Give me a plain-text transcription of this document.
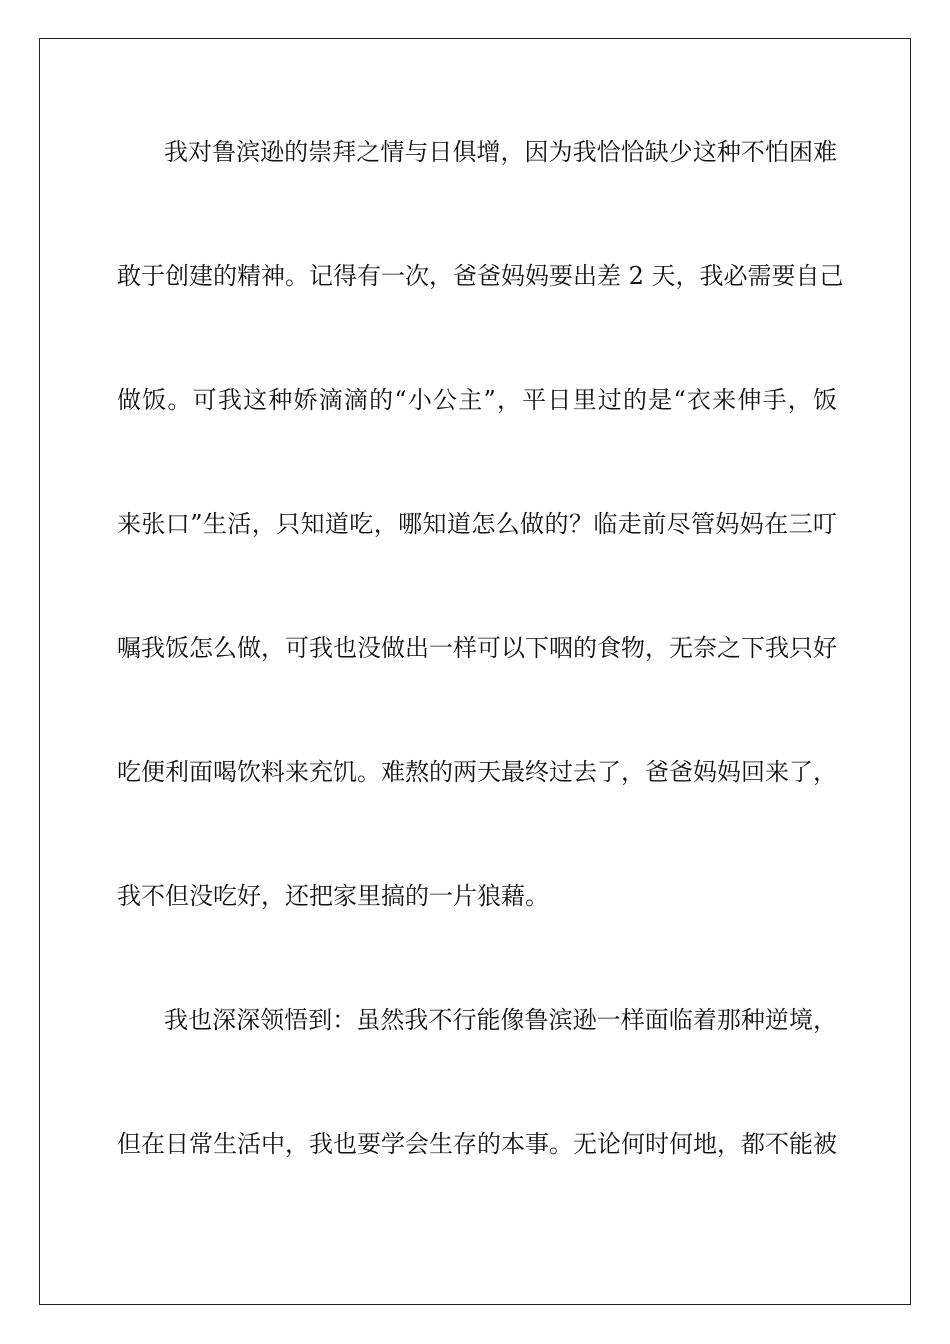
我对鲁滨逊的崇拜之情与日俱增，因为我恰恰缺少这种不怕困难
敢于创建的精神。记得有一次，爸爸妈妈要出差 2 天，我必需要自己
做饭。可我这种娇滴滴的“小公主”，平日里过的是“衣来伸手，饭
来张口”生活，只知道吃，哪知道怎么做的？临走前尽管妈妈在三叮
嘱我饭怎么做，可我也没做出一样可以下咽的食物，无奈之下我只好
吃便利面喝饮料来充饥。难熬的两天最终过去了，爸爸妈妈回来了，
我不但没吃好，还把家里搞的一片狼藉。
我也深深领悟到：虽然我不行能像鲁滨逊一样面临着那种逆境，
但在日常生活中，我也要学会生存的本事。无论何时何地，都不能被
